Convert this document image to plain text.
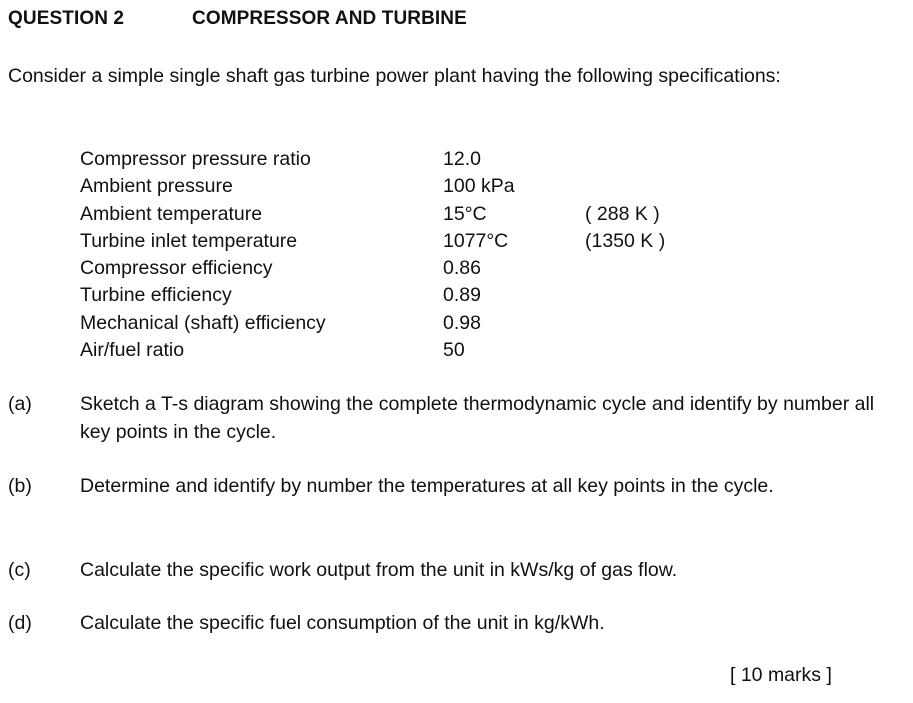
QUESTION 2	COMPRESSOR AND TURBINE
Consider a simple single shaft gas turbine power plant having the following specifications:
Compressor pressure ratio	12.0
Ambient pressure	100 kPa
Ambient temperature	15°C	( 288 K )
Turbine inlet temperature	1077°C	(1350 K )
Compressor efficiency	0.86
Turbine efficiency	0.89
Mechanical (shaft) efficiency	0.98
Air/fuel ratio	50
(a) Sketch a T-s diagram showing the complete thermodynamic cycle and identify by number all key points in the cycle.
(b) Determine and identify by number the temperatures at all key points in the cycle.
(c)	Calculate the specific work output from the unit in kWs/kg of gas flow.
(d) Calculate the specific fuel consumption of the unit in kg/kWh.
[ 10 marks ]
